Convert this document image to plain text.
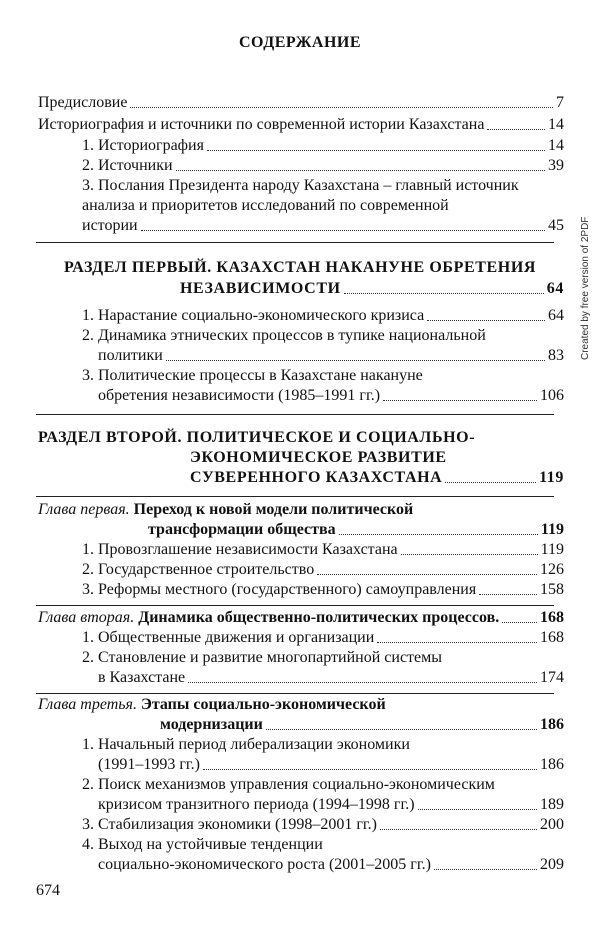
СОДЕРЖАНИЕ
Предисловие	7
Историография и источники по современной истории Казахстана	14
1. Историография	14
2. Источники	39
3. Послания Президента народу Казахстана – главный источник
анализа и приоритетов исследований по современной
истории	45
РАЗДЕЛ ПЕРВЫЙ. КАЗАХСТАН НАКАНУНЕ ОБРЕТЕНИЯ
НЕЗАВИСИМОСТИ	64
1. Нарастание социально-экономического кризиса	64
2. Динамика этнических процессов в тупике национальной
политики	83
3. Политические процессы в Казахстане накануне
обретения независимости (1985–1991 гг.)	106
РАЗДЕЛ ВТОРОЙ. ПОЛИТИЧЕСКОЕ И СОЦИАЛЬНО-
ЭКОНОМИЧЕСКОЕ РАЗВИТИЕ
СУВЕРЕННОГО КАЗАХСТАНА	119
Глава первая. Переход к новой модели политической
трансформации общества	119
1. Провозглашение независимости Казахстана	119
2. Государственное строительство	126
3. Реформы местного (государственного) самоуправления	158
Глава вторая. Динамика общественно-политических процессов.	168
1. Общественные движения и организации	168
2. Становление и развитие многопартийной системы
в Казахстане	174
Глава третья. Этапы социально-экономической
модернизации	186
1. Начальный период либерализации экономики
(1991–1993 гг.)	186
2. Поиск механизмов управления социально-экономическим
кризисом транзитного периода (1994–1998 гг.)	189
3. Стабилизация экономики (1998–2001 гг.)	200
4. Выход на устойчивые тенденции
социально-экономического роста (2001–2005 гг.)	209
674
Created by free version of 2PDF
